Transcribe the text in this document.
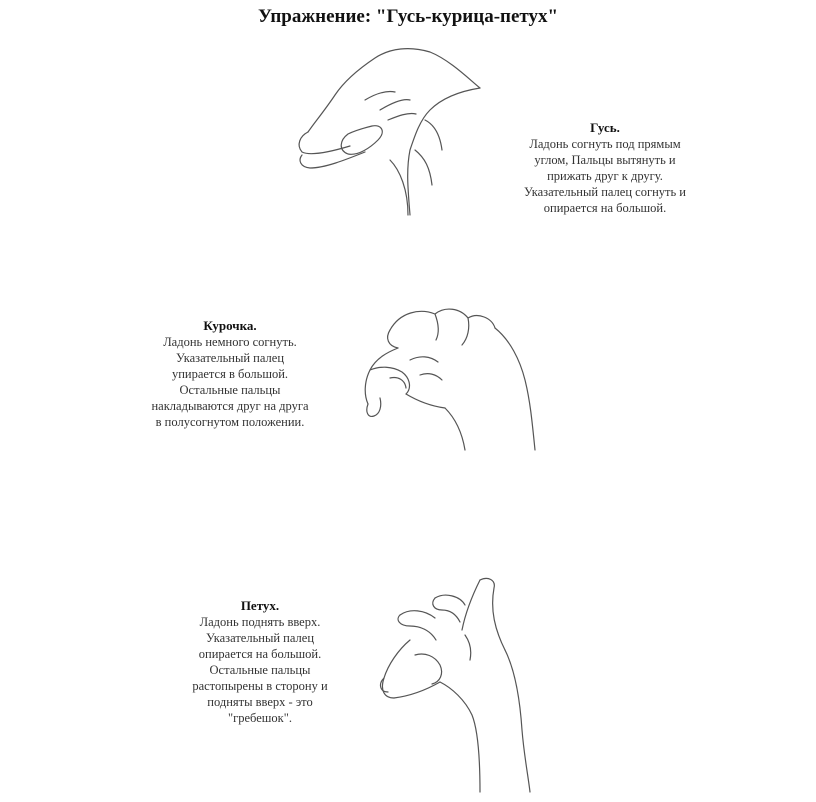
Упражнение: "Гусь-курица-петух"
Гусь.
Ладонь согнуть под прямым
углом, Пальцы вытянуть и
прижать друг к другу.
Указательный палец согнуть и
опирается на большой.
Курочка.
Ладонь немного согнуть.
Указательный палец
упирается в большой.
Остальные пальцы
накладываются друг на друга
в полусогнутом положении.
Петух.
Ладонь поднять вверх.
Указательный палец
опирается на большой.
Остальные пальцы
растопырены в сторону и
подняты вверх - это
"гребешок".
